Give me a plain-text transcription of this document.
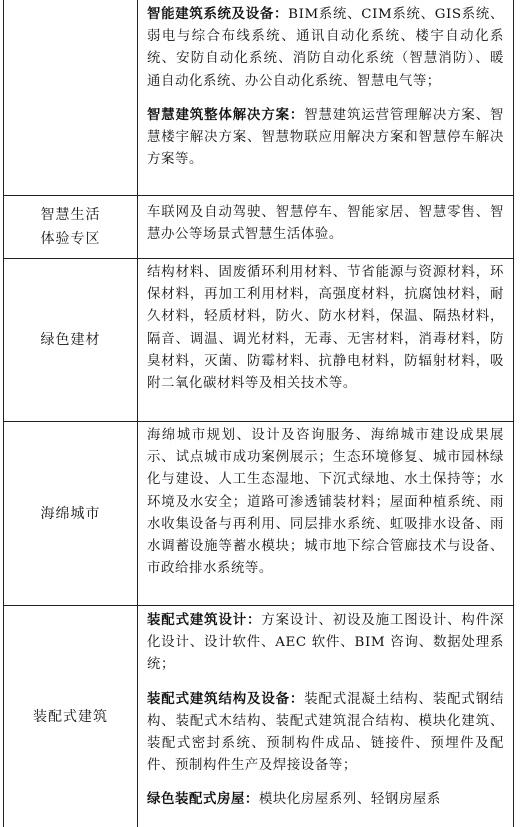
智能建筑系统及设备：BIM系统、CIM系统、GIS系统、弱电与综合布线系统、通讯自动化系统、楼宇自动化系统、安防自动化系统、消防自动化系统（智慧消防）、暖通自动化系统、办公自动化系统、智慧电气等；

智慧建筑整体解决方案：智慧建筑运营管理解决方案、智慧楼宇解决方案、智慧物联应用解决方案和智慧停车解决方案等。

智慧生活
体验专区

车联网及自动驾驶、智慧停车、智能家居、智慧零售、智慧办公等场景式智慧生活体验。

绿色建材

结构材料、固废循环利用材料、节省能源与资源材料，环保材料，再加工利用材料，高强度材料，抗腐蚀材料，耐久材料，轻质材料，防火、防水材料，保温、隔热材料，隔音、调温、调光材料，无毒、无害材料，消毒材料，防臭材料，灭菌、防霉材料、抗静电材料，防辐射材料，吸附二氧化碳材料等及相关技术等。

海绵城市

海绵城市规划、设计及咨询服务、海绵城市建设成果展示、试点城市成功案例展示；生态环境修复、城市园林绿化与建设、人工生态湿地、下沉式绿地、水土保持等；水环境及水安全；道路可渗透铺装材料；屋面种植系统、雨水收集设备与再利用、同层排水系统、虹吸排水设备、雨水调蓄设施等蓄水模块；城市地下综合管廊技术与设备、市政给排水系统等。

装配式建筑

装配式建筑设计：方案设计、初设及施工图设计、构件深化设计、设计软件、AEC 软件、BIM 咨询、数据处理系统；

装配式建筑结构及设备：装配式混凝土结构、装配式钢结构、装配式木结构、装配式建筑混合结构、模块化建筑、装配式密封系统、预制构件成品、链接件、预埋件及配件、预制构件生产及焊接设备等；

绿色装配式房屋：模块化房屋系列、轻钢房屋系
